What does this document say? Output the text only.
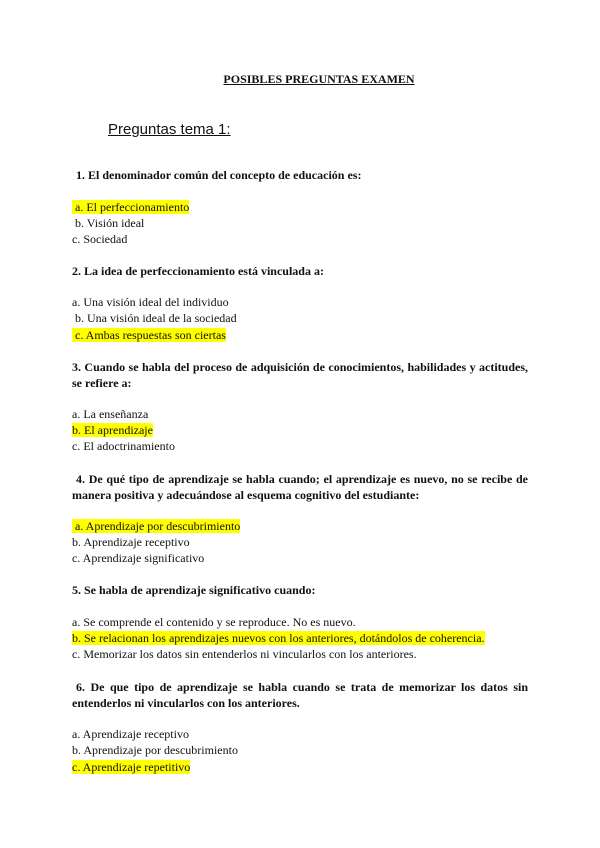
POSIBLES PREGUNTAS EXAMEN
Preguntas tema 1:
1. El denominador común del concepto de educación es:
a. El perfeccionamiento
b. Visión ideal
c. Sociedad
2. La idea de perfeccionamiento está vinculada a:
a. Una visión ideal del individuo
b. Una visión ideal de la sociedad
c. Ambas respuestas son ciertas
3. Cuando se habla del proceso de adquisición de conocimientos, habilidades y actitudes, se refiere a:
a. La enseñanza
b. El aprendizaje
c. El adoctrinamiento
4. De qué tipo de aprendizaje se habla cuando; el aprendizaje es nuevo, no se recibe de manera positiva y adecuándose al esquema cognitivo del estudiante:
a. Aprendizaje por descubrimiento
b. Aprendizaje receptivo
c. Aprendizaje significativo
5. Se habla de aprendizaje significativo cuando:
a. Se comprende el contenido y se reproduce. No es nuevo.
b. Se relacionan los aprendizajes nuevos con los anteriores, dotándolos de coherencia.
c. Memorizar los datos sin entenderlos ni vincularlos con los anteriores.
6. De que tipo de aprendizaje se habla cuando se trata de memorizar los datos sin entenderlos ni vincularlos con los anteriores.
a. Aprendizaje receptivo
b. Aprendizaje por descubrimiento
c. Aprendizaje repetitivo
